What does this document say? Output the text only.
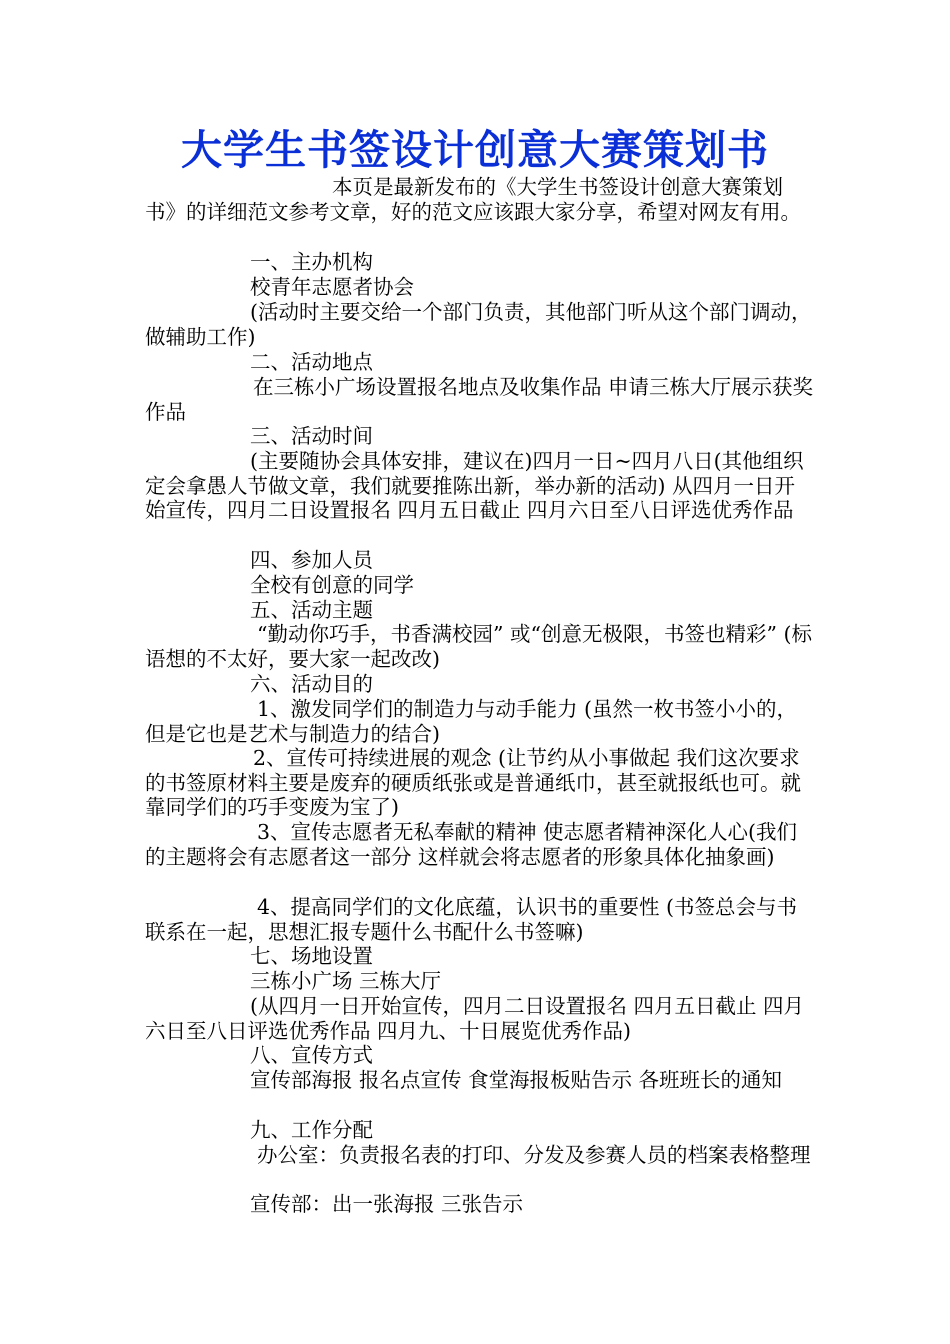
大学生书签设计创意大赛策划书

本页是最新发布的《大学生书签设计创意大赛策划书》的详细范文参考文章，好的范文应该跟大家分享，希望对网友有用。

一、主办机构

校青年志愿者协会

(活动时主要交给一个部门负责，其他部门听从这个部门调动，做辅助工作)

二、活动地点

在三栋小广场设置报名地点及收集作品 申请三栋大厅展示获奖作品

三、活动时间

(主要随协会具体安排，建议在)四月一日~四月八日(其他组织定会拿愚人节做文章，我们就要推陈出新，举办新的活动) 从四月一日开始宣传，四月二日设置报名 四月五日截止 四月六日至八日评选优秀作品

四、参加人员

全校有创意的同学

五、活动主题

“勤动你巧手，书香满校园” 或“创意无极限，书签也精彩” (标语想的不太好，要大家一起改改)

六、活动目的

1、激发同学们的制造力与动手能力 (虽然一枚书签小小的，但是它也是艺术与制造力的结合)

2、宣传可持续进展的观念 (让节约从小事做起 我们这次要求的书签原材料主要是废弃的硬质纸张或是普通纸巾，甚至就报纸也可。就靠同学们的巧手变废为宝了)

3、宣传志愿者无私奉献的精神 使志愿者精神深化人心(我们的主题将会有志愿者这一部分 这样就会将志愿者的形象具体化抽象画)

4、提高同学们的文化底蕴，认识书的重要性 (书签总会与书联系在一起，思想汇报专题什么书配什么书签嘛)

七、场地设置

三栋小广场 三栋大厅

(从四月一日开始宣传，四月二日设置报名 四月五日截止 四月六日至八日评选优秀作品 四月九、十日展览优秀作品)

八、宣传方式

宣传部海报 报名点宣传 食堂海报板贴告示 各班班长的通知

九、工作分配

办公室：负责报名表的打印、分发及参赛人员的档案表格整理

宣传部：出一张海报 三张告示
